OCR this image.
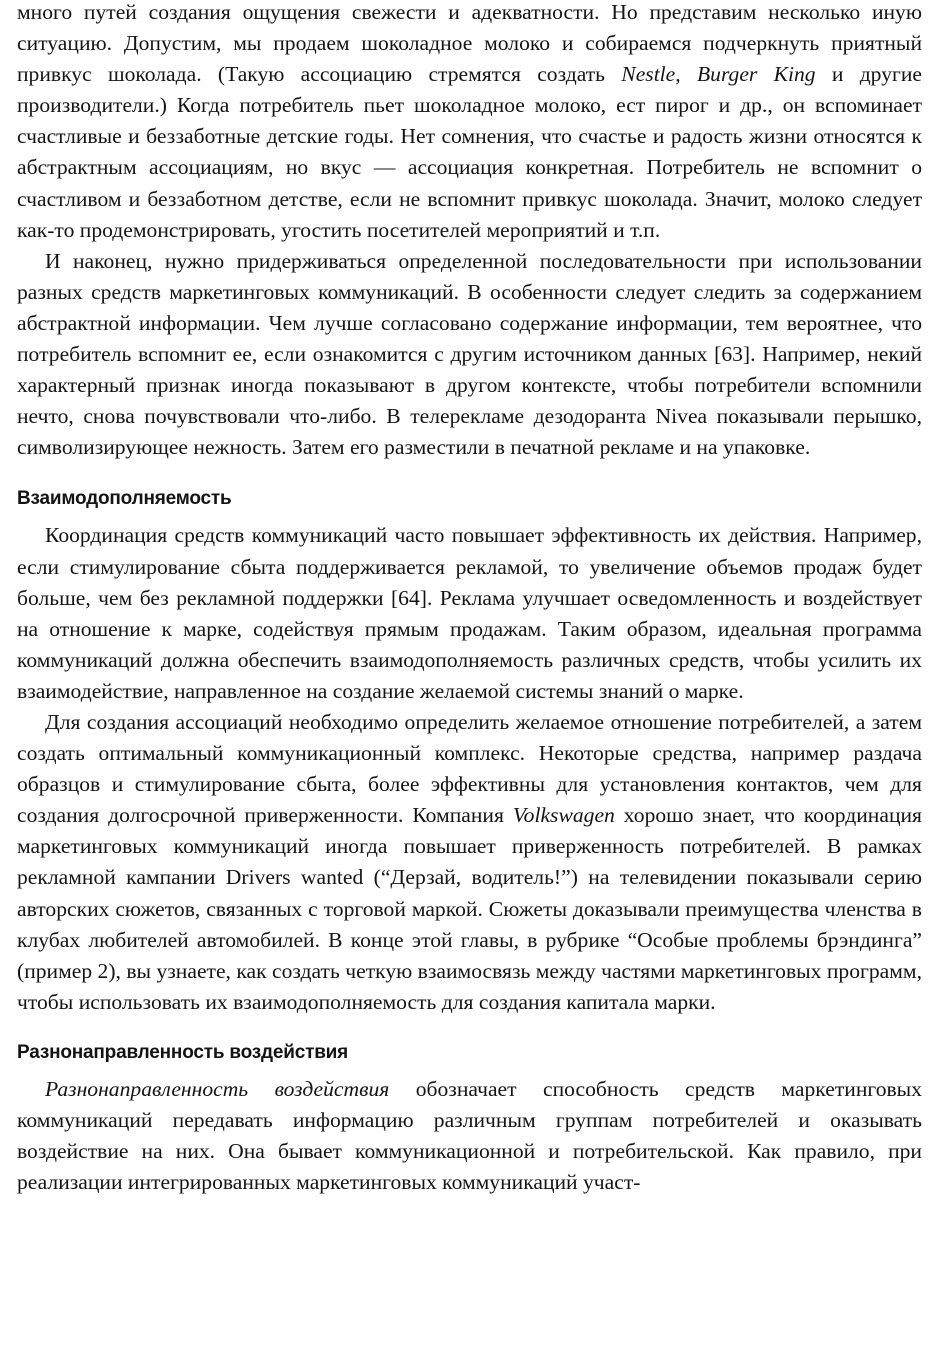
много путей создания ощущения свежести и адекватности. Но представим несколько иную ситуацию. Допустим, мы продаем шоколадное молоко и собираемся подчеркнуть приятный привкус шоколада. (Такую ассоциацию стремятся создать Nestle, Burger King и другие производители.) Когда потребитель пьет шоколадное молоко, ест пирог и др., он вспоминает счастливые и беззаботные детские годы. Нет сомнения, что счастье и радость жизни относятся к абстрактным ассоциациям, но вкус — ассоциация конкретная. Потребитель не вспомнит о счастливом и беззаботном детстве, если не вспомнит привкус шоколада. Значит, молоко следует как-то продемонстрировать, угостить посетителей мероприятий и т.п.

И наконец, нужно придерживаться определенной последовательности при использовании разных средств маркетинговых коммуникаций. В особенности следует следить за содержанием абстрактной информации. Чем лучше согласовано содержание информации, тем вероятнее, что потребитель вспомнит ее, если ознакомится с другим источником данных [63]. Например, некий характерный признак иногда показывают в другом контексте, чтобы потребители вспомнили нечто, снова почувствовали что-либо. В телерекламе дезодоранта Nivea показывали перышко, символизирующее нежность. Затем его разместили в печатной рекламе и на упаковке.

Взаимодополняемость

Координация средств коммуникаций часто повышает эффективность их действия. Например, если стимулирование сбыта поддерживается рекламой, то увеличение объемов продаж будет больше, чем без рекламной поддержки [64]. Реклама улучшает осведомленность и воздействует на отношение к марке, содействуя прямым продажам. Таким образом, идеальная программа коммуникаций должна обеспечить взаимодополняемость различных средств, чтобы усилить их взаимодействие, направленное на создание желаемой системы знаний о марке.

Для создания ассоциаций необходимо определить желаемое отношение потребителей, а затем создать оптимальный коммуникационный комплекс. Некоторые средства, например раздача образцов и стимулирование сбыта, более эффективны для установления контактов, чем для создания долгосрочной приверженности. Компания Volkswagen хорошо знает, что координация маркетинговых коммуникаций иногда повышает приверженность потребителей. В рамках рекламной кампании Drivers wanted (“Дерзай, водитель!”) на телевидении показывали серию авторских сюжетов, связанных с торговой маркой. Сюжеты доказывали преимущества членства в клубах любителей автомобилей. В конце этой главы, в рубрике “Особые проблемы брэндинга” (пример 2), вы узнаете, как создать четкую взаимосвязь между частями маркетинговых программ, чтобы использовать их взаимодополняемость для создания капитала марки.

Разнонаправленность воздействия

Разнонаправленность воздействия обозначает способность средств маркетинговых коммуникаций передавать информацию различным группам потребителей и оказывать воздействие на них. Она бывает коммуникационной и потребительской. Как правило, при реализации интегрированных маркетинговых коммуникаций участ-
